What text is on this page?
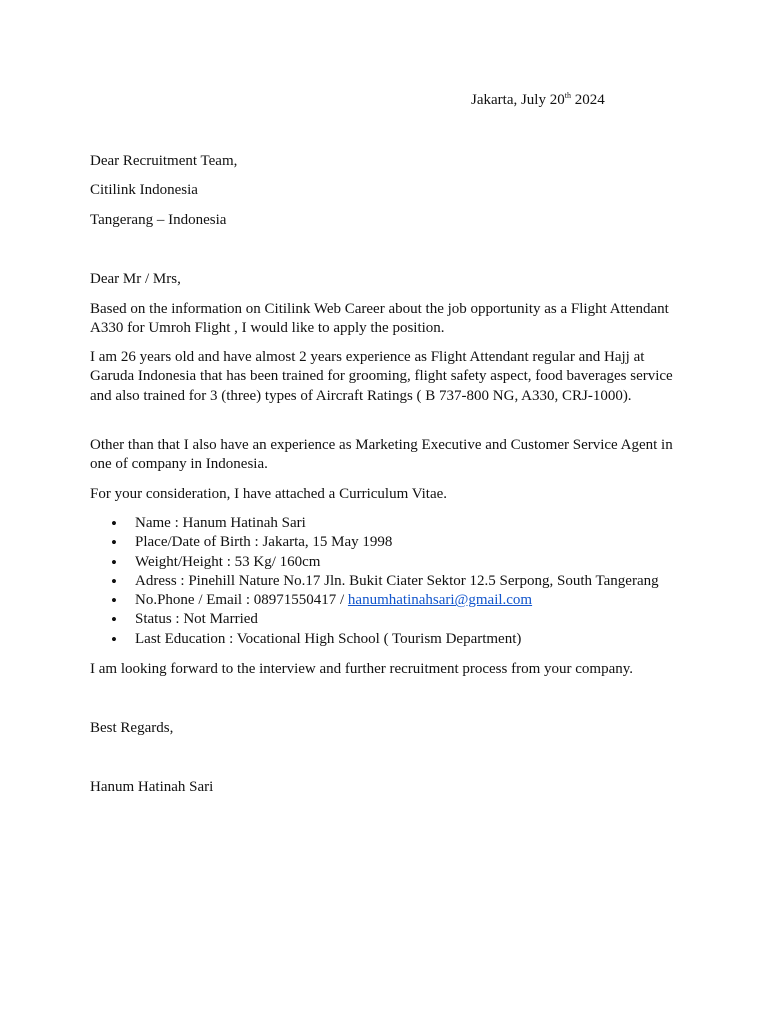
Jakarta, July 20th 2024
Dear Recruitment Team,
Citilink Indonesia
Tangerang – Indonesia
Dear Mr / Mrs,
Based on the information on Citilink Web Career about the job opportunity as a Flight Attendant A330 for Umroh Flight , I would like to apply the position.
I am 26 years old and have almost 2 years experience as Flight Attendant regular and Hajj at Garuda Indonesia that has been trained for grooming, flight safety aspect, food baverages service and also trained for 3 (three) types of Aircraft Ratings ( B 737-800 NG, A330, CRJ-1000).
Other than that I also have an experience as Marketing Executive and Customer Service Agent in one of company in Indonesia.
For your consideration, I have attached a Curriculum Vitae.
• Name : Hanum Hatinah Sari
• Place/Date of Birth : Jakarta, 15 May 1998
• Weight/Height : 53 Kg/ 160cm
• Adress : Pinehill Nature No.17 Jln. Bukit Ciater Sektor 12.5 Serpong, South Tangerang
• No.Phone / Email : 08971550417 / hanumhatinahsari@gmail.com
• Status : Not Married
• Last Education : Vocational High School ( Tourism Department)
I am looking forward to the interview and further recruitment process from your company.
Best Regards,
Hanum Hatinah Sari
